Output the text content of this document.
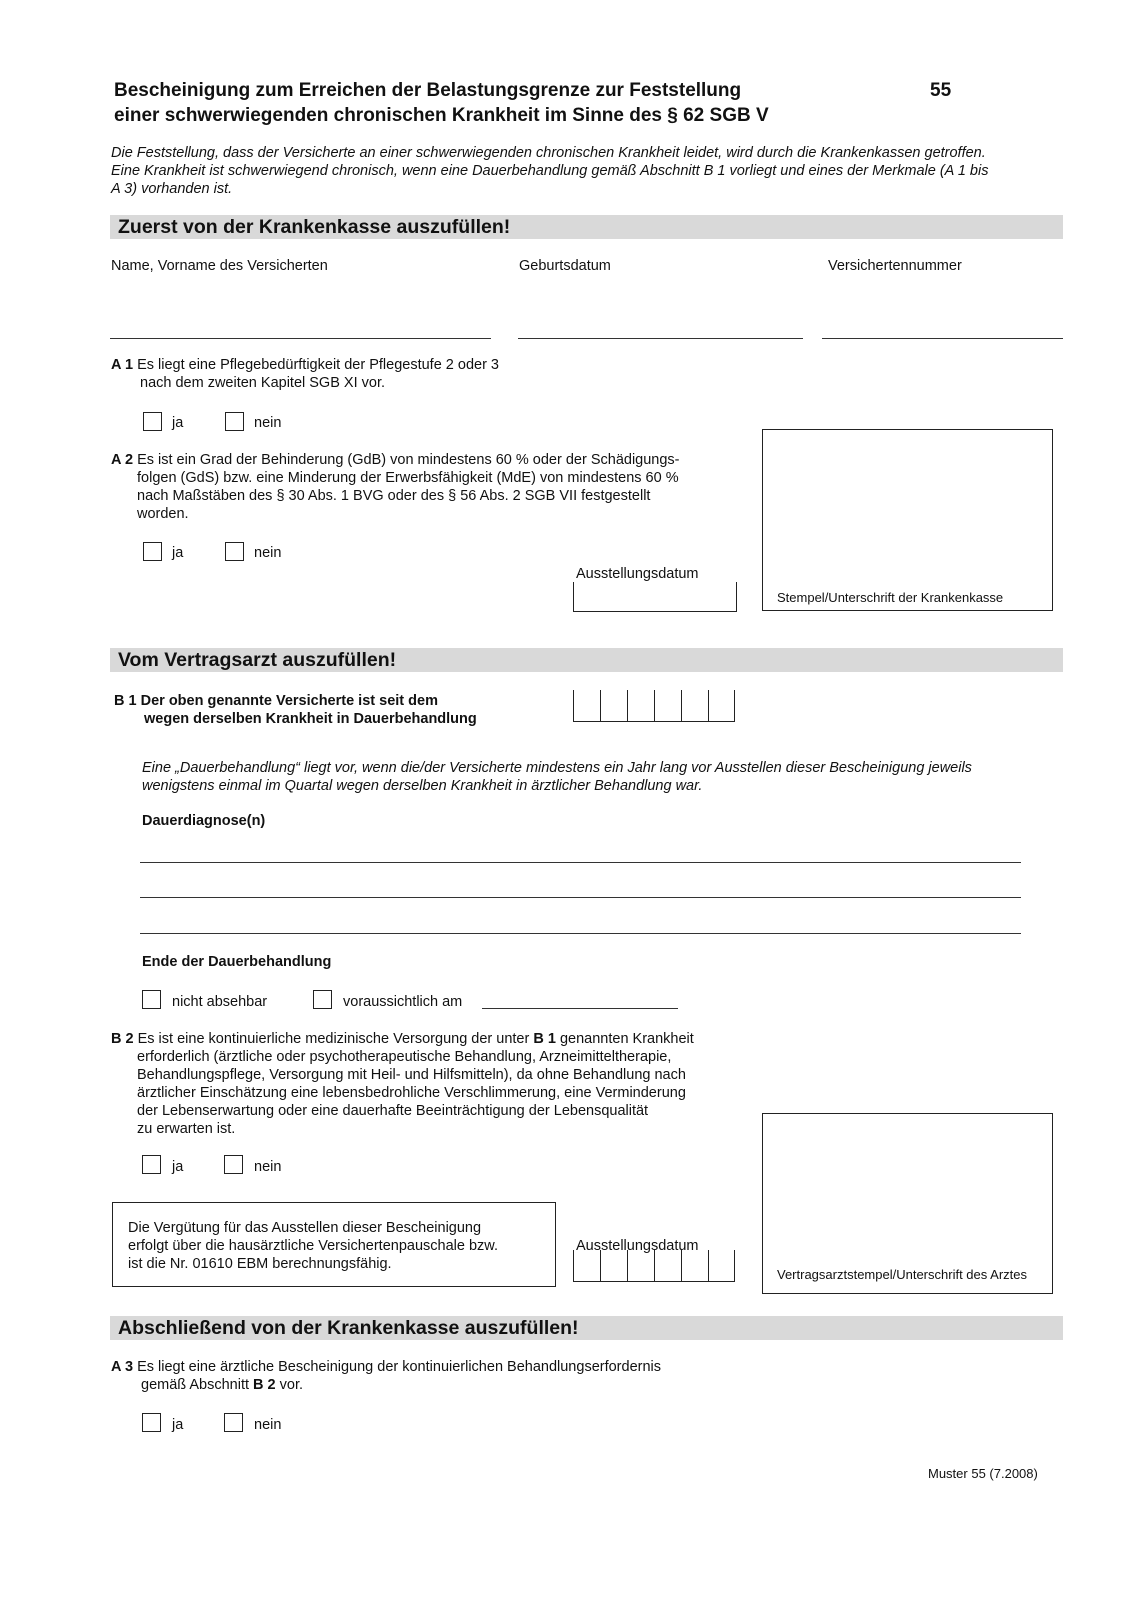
Bescheinigung zum Erreichen der Belastungsgrenze zur Feststellung
einer schwerwiegenden chronischen Krankheit im Sinne des § 62 SGB V
55
Die Feststellung, dass der Versicherte an einer schwerwiegenden chronischen Krankheit leidet, wird durch die Krankenkassen getroffen.
Eine Krankheit ist schwerwiegend chronisch, wenn eine Dauerbehandlung gemäß Abschnitt B 1 vorliegt und eines der Merkmale (A 1 bis
A 3) vorhanden ist.
Zuerst von der Krankenkasse auszufüllen!
Name, Vorname des Versicherten	Geburtsdatum	Versichertennummer
A 1 Es liegt eine Pflegebedürftigkeit der Pflegestufe 2 oder 3
nach dem zweiten Kapitel SGB XI vor.
ja	nein
A 2 Es ist ein Grad der Behinderung (GdB) von mindestens 60 % oder der Schädigungs-
folgen (GdS) bzw. eine Minderung der Erwerbsfähigkeit (MdE) von mindestens 60 %
nach Maßstäben des § 30 Abs. 1 BVG oder des § 56 Abs. 2 SGB VII festgestellt
worden.
ja	nein
Ausstellungsdatum
Stempel/Unterschrift der Krankenkasse
Vom Vertragsarzt auszufüllen!
B 1 Der oben genannte Versicherte ist seit dem
wegen derselben Krankheit in Dauerbehandlung
Eine „Dauerbehandlung“ liegt vor, wenn die/der Versicherte mindestens ein Jahr lang vor Ausstellen dieser Bescheinigung jeweils
wenigstens einmal im Quartal wegen derselben Krankheit in ärztlicher Behandlung war.
Dauerdiagnose(n)
Ende der Dauerbehandlung
nicht absehbar	voraussichtlich am
B 2 Es ist eine kontinuierliche medizinische Versorgung der unter B 1 genannten Krankheit
erforderlich (ärztliche oder psychotherapeutische Behandlung, Arzneimitteltherapie,
Behandlungspflege, Versorgung mit Heil- und Hilfsmitteln), da ohne Behandlung nach
ärztlicher Einschätzung eine lebensbedrohliche Verschlimmerung, eine Verminderung
der Lebenserwartung oder eine dauerhafte Beeinträchtigung der Lebensqualität
zu erwarten ist.
ja	nein
Die Vergütung für das Ausstellen dieser Bescheinigung
erfolgt über die hausärztliche Versichertenpauschale bzw.
ist die Nr. 01610 EBM berechnungsfähig.
Ausstellungsdatum
Vertragsarztstempel/Unterschrift des Arztes
Abschließend von der Krankenkasse auszufüllen!
A 3 Es liegt eine ärztliche Bescheinigung der kontinuierlichen Behandlungserfordernis
gemäß Abschnitt B 2 vor.
ja	nein
Muster 55 (7.2008)
